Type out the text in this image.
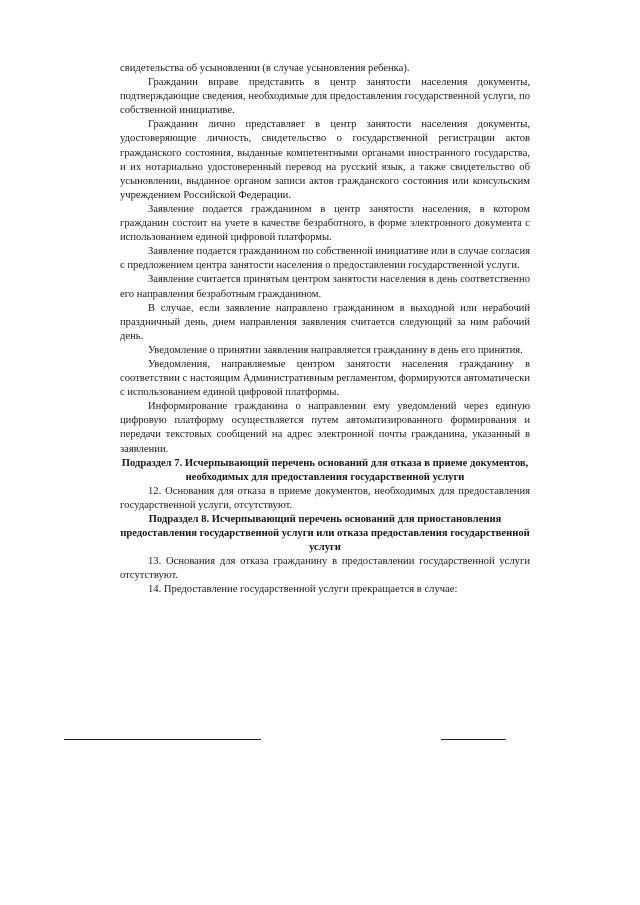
свидетельства об усыновлении (в случае усыновления ребенка).

Гражданин вправе представить в центр занятости населения документы, подтверждающие сведения, необходимые для предоставления государственной услуги, по собственной инициативе.

Гражданин лично представляет в центр занятости населения документы, удостоверяющие личность, свидетельство о государственной регистрации актов гражданского состояния, выданные компетентными органами иностранного государства, и их нотариально удостоверенный перевод на русский язык, а также свидетельство об усыновлении, выданное органом записи актов гражданского состояния или консульским учреждением Российской Федерации.

Заявление подается гражданином в центр занятости населения, в котором гражданин состоит на учете в качестве безработного, в форме электронного документа с использованием единой цифровой платформы.

Заявление подается гражданином по собственной инициативе или в случае согласия с предложением центра занятости населения о предоставлении государственной услуги.

Заявление считается принятым центром занятости населения в день соответственно его направления безработным гражданином.

В случае, если заявление направлено гражданином в выходной или нерабочий праздничный день, днем направления заявления считается следующий за ним рабочий день.

Уведомление о принятии заявления направляется гражданину в день его принятия.

Уведомления, направляемые центром занятости населения гражданину в соответствии с настоящим Административным регламентом, формируются автоматически с использованием единой цифровой платформы.

Информирование гражданина о направлении ему уведомлений через единую цифровую платформу осуществляется путем автоматизированного формирования и передачи текстовых сообщений на адрес электронной почты гражданина, указанный в заявлении.

Подраздел 7. Исчерпывающий перечень оснований для отказа в приеме документов, необходимых для предоставления государственной услуги

12. Основания для отказа в приеме документов, необходимых для предоставления государственной услуги, отсутствуют.

Подраздел 8. Исчерпывающий перечень оснований для приостановления предоставления государственной услуги или отказа предоставления государственной услуги

13. Основания для отказа гражданину в предоставлении государственной услуги отсутствуют.

14. Предоставление государственной услуги прекращается в случае:
